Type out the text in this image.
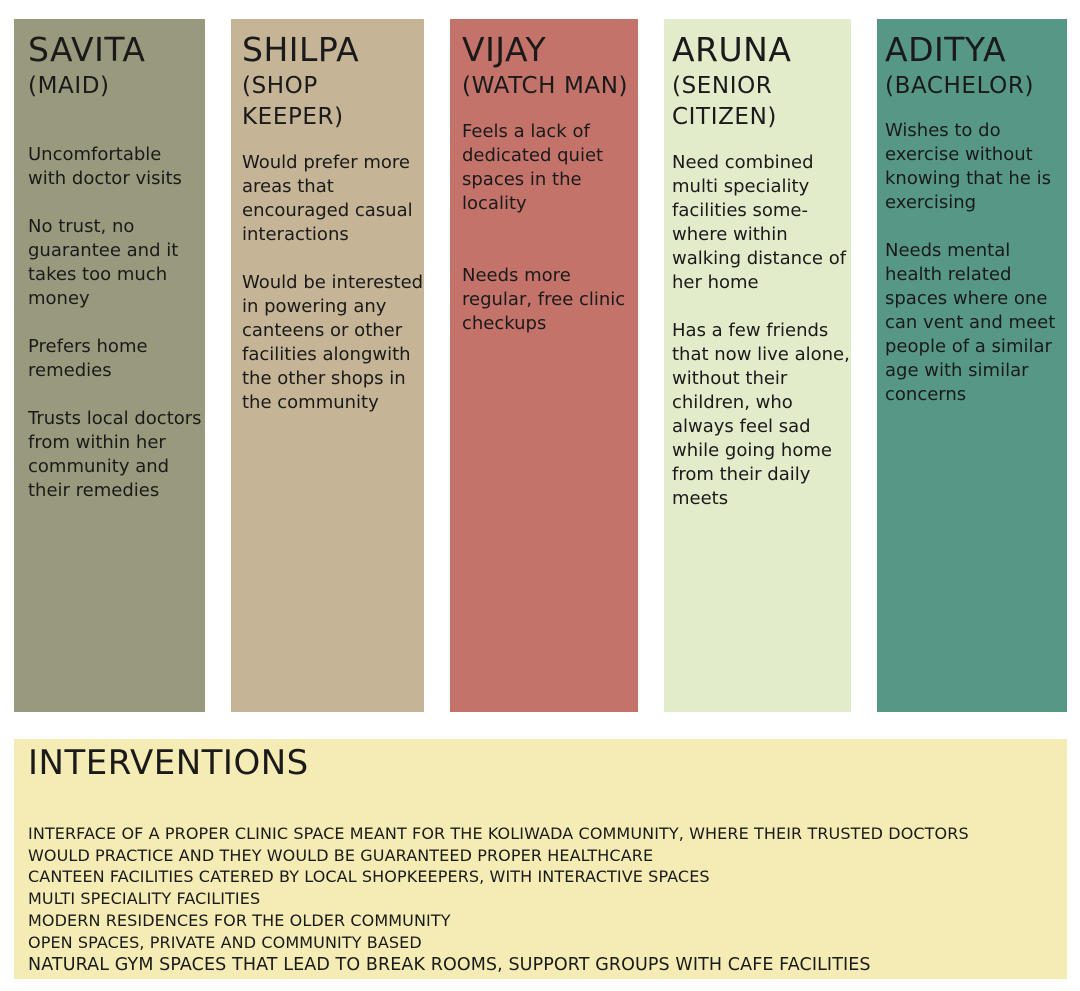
SAVITA
(MAID)

Uncomfortable with doctor visits

No trust, no guarantee and it takes too much money

Prefers home remedies

Trusts local doctors from within her community and their remedies

SHILPA
(SHOP KEEPER)

Would prefer more areas that encouraged casual interactions

Would be interested in powering any canteens or other facilities alongwith the other shops in the community

VIJAY
(WATCH MAN)

Feels a lack of dedicated quiet spaces in the locality

Needs more regular, free clinic checkups

ARUNA
(SENIOR CITIZEN)

Need combined multi speciality facilities some-where within walking distance of her home

Has a few friends that now live alone, without their children, who always feel sad while going home from their daily meets

ADITYA
(BACHELOR)

Wishes to do exercise without knowing that he is exercising

Needs mental health related spaces where one can vent and meet people of a similar age with similar concerns

INTERVENTIONS
INTERFACE OF A PROPER CLINIC SPACE MEANT FOR THE KOLIWADA COMMUNITY, WHERE THEIR TRUSTED DOCTORS
WOULD PRACTICE AND THEY WOULD BE GUARANTEED PROPER HEALTHCARE
CANTEEN FACILITIES CATERED BY LOCAL SHOPKEEPERS, WITH INTERACTIVE SPACES
MULTI SPECIALITY FACILITIES
MODERN RESIDENCES FOR THE OLDER COMMUNITY
OPEN SPACES, PRIVATE AND COMMUNITY BASED
NATURAL GYM SPACES THAT LEAD TO BREAK ROOMS, SUPPORT GROUPS WITH CAFE FACILITIES
